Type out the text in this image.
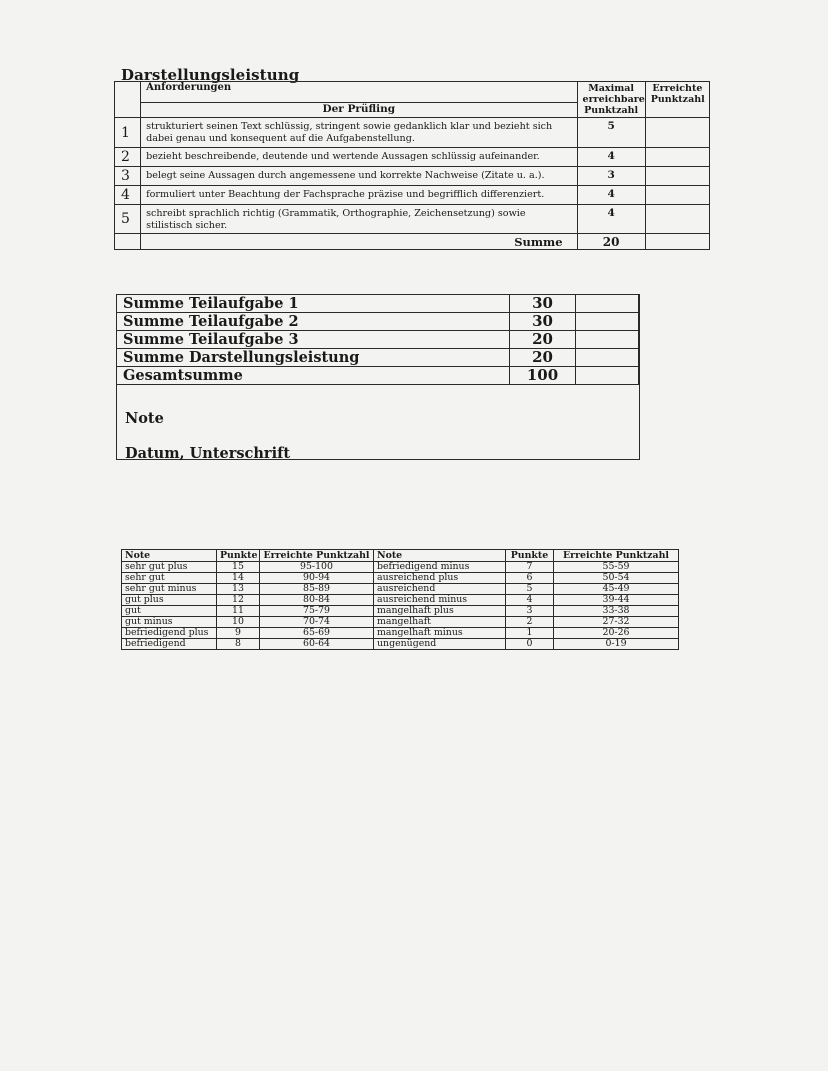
Darstellungsleistung
	Anforderungen	Maximal erreichbare Punktzahl	Erreichte Punktzahl
	Der Prüfling		
1	strukturiert seinen Text schlüssig, stringent sowie gedanklich klar und bezieht sich dabei genau und konsequent auf die Aufgabenstellung.	5	
2	bezieht beschreibende, deutende und wertende Aussagen schlüssig aufeinander.	4	
3	belegt seine Aussagen durch angemessene und korrekte Nachweise (Zitate u. a.).	3	
4	formuliert unter Beachtung der Fachsprache präzise und begrifflich differenziert.	4	
5	schreibt sprachlich richtig (Grammatik, Orthographie, Zeichensetzung) sowie stilistisch sicher.	4	
	Summe	20	
Summe Teilaufgabe 1	30	
Summe Teilaufgabe 2	30	
Summe Teilaufgabe 3	20	
Summe Darstellungsleistung	20	
Gesamtsumme	100	
Note
Datum, Unterschrift
Note	Punkte	Erreichte Punktzahl	Note	Punkte	Erreichte Punktzahl
sehr gut plus	15	95-100	befriedigend minus	7	55-59
sehr gut	14	90-94	ausreichend plus	6	50-54
sehr gut minus	13	85-89	ausreichend	5	45-49
gut plus	12	80-84	ausreichend minus	4	39-44
gut	11	75-79	mangelhaft plus	3	33-38
gut minus	10	70-74	mangelhaft	2	27-32
befriedigend plus	9	65-69	mangelhaft minus	1	20-26
befriedigend	8	60-64	ungenügend	0	0-19
